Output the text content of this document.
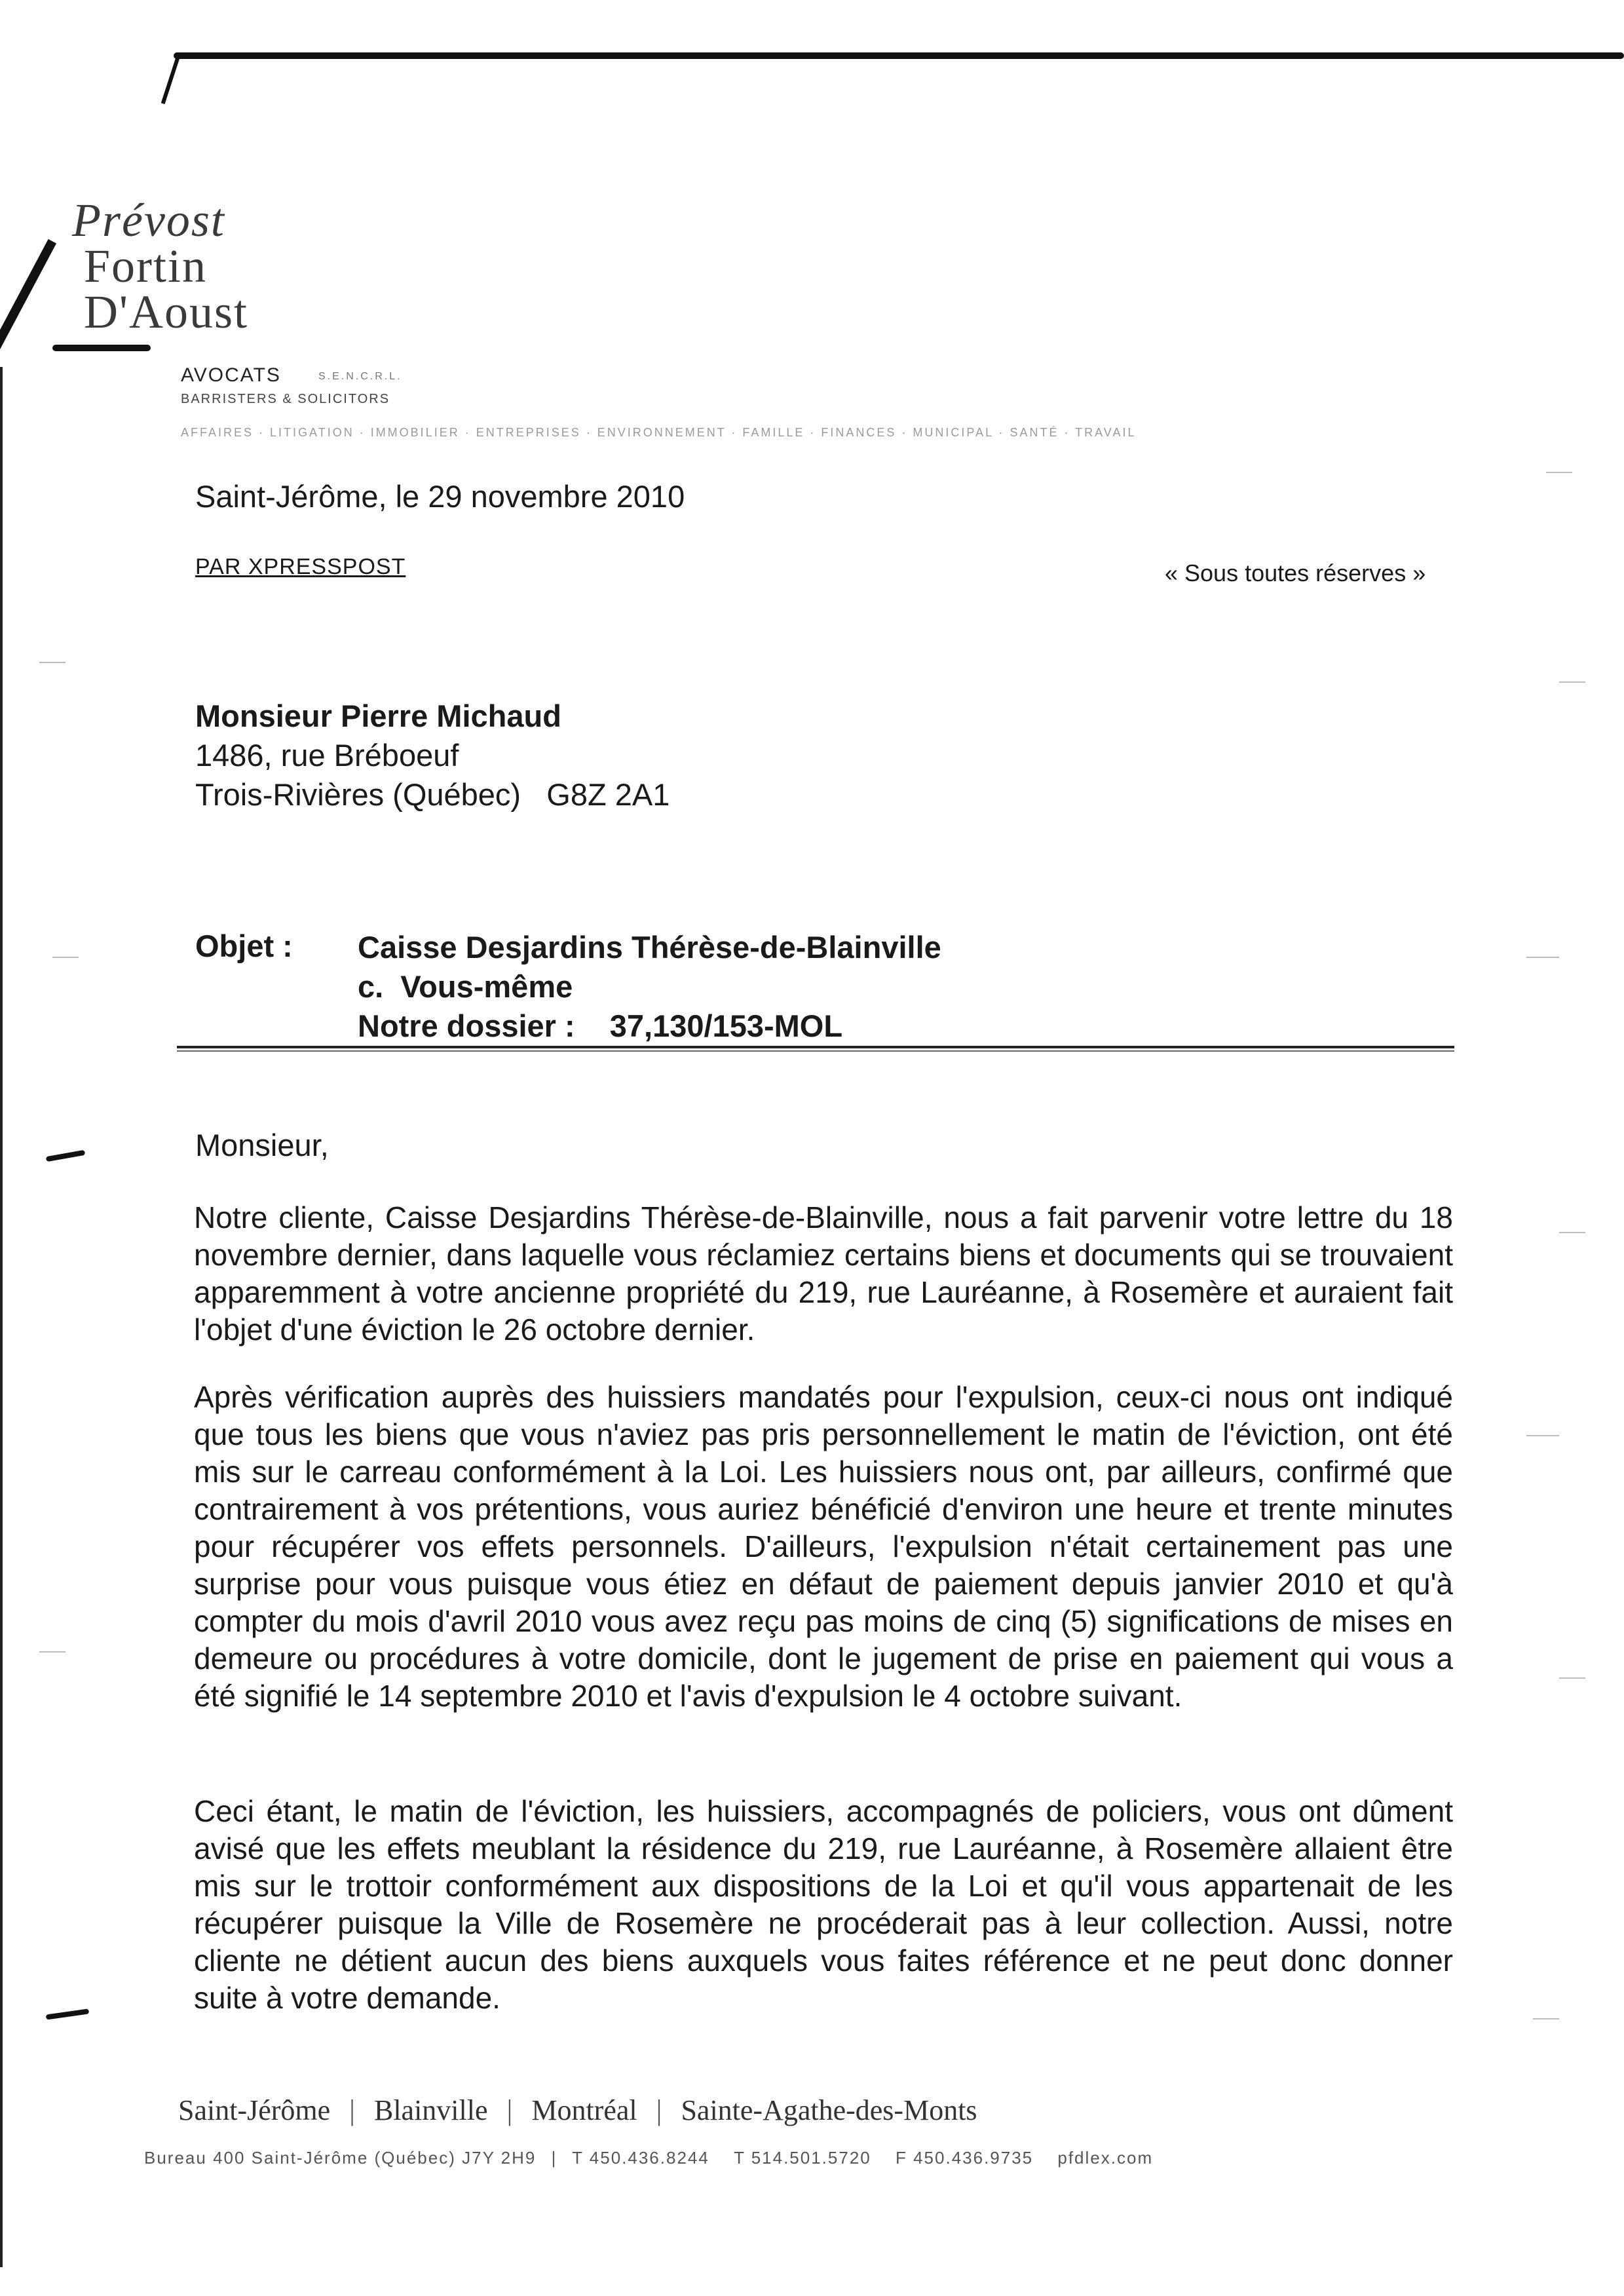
Prévost
Fortin
D'Aoust
AVOCATS	S.E.N.C.R.L.
BARRISTERS & SOLICITORS
AFFAIRES · LITIGATION · IMMOBILIER · ENTREPRISES · ENVIRONNEMENT · FAMILLE · FINANCES · MUNICIPAL · SANTÉ · TRAVAIL
Saint-Jérôme, le 29 novembre 2010
PAR XPRESSPOST	« Sous toutes réserves »
Monsieur Pierre Michaud
1486, rue Bréboeuf
Trois-Rivières (Québec)   G8Z 2A1
Objet : Caisse Desjardins Thérèse-de-Blainville
c.  Vous-même
Notre dossier : 37,130/153-MOL
Monsieur,
Notre cliente, Caisse Desjardins Thérèse-de-Blainville, nous a fait parvenir votre lettre du 18 novembre dernier, dans laquelle vous réclamiez certains biens et documents qui se trouvaient apparemment à votre ancienne propriété du 219, rue Lauréanne, à Rosemère et auraient fait l'objet d'une éviction le 26 octobre dernier.
Après vérification auprès des huissiers mandatés pour l'expulsion, ceux-ci nous ont indiqué que tous les biens que vous n'aviez pas pris personnellement le matin de l'éviction, ont été mis sur le carreau conformément à la Loi. Les huissiers nous ont, par ailleurs, confirmé que contrairement à vos prétentions, vous auriez bénéficié d'environ une heure et trente minutes pour récupérer vos effets personnels. D'ailleurs, l'expulsion n'était certainement pas une surprise pour vous puisque vous étiez en défaut de paiement depuis janvier 2010 et qu'à compter du mois d'avril 2010 vous avez reçu pas moins de cinq (5) significations de mises en demeure ou procédures à votre domicile, dont le jugement de prise en paiement qui vous a été signifié le 14 septembre 2010 et l'avis d'expulsion le 4 octobre suivant.
Ceci étant, le matin de l'éviction, les huissiers, accompagnés de policiers, vous ont dûment avisé que les effets meublant la résidence du 219, rue Lauréanne, à Rosemère allaient être mis sur le trottoir conformément aux dispositions de la Loi et qu'il vous appartenait de les récupérer puisque la Ville de Rosemère ne procéderait pas à leur collection. Aussi, notre cliente ne détient aucun des biens auxquels vous faites référence et ne peut donc donner suite à votre demande.
Saint-Jérôme | Blainville | Montréal | Sainte-Agathe-des-Monts
Bureau 400 Saint-Jérôme (Québec) J7Y 2H9 | T 450.436.8244 T 514.501.5720 F 450.436.9735 pfdlex.com
